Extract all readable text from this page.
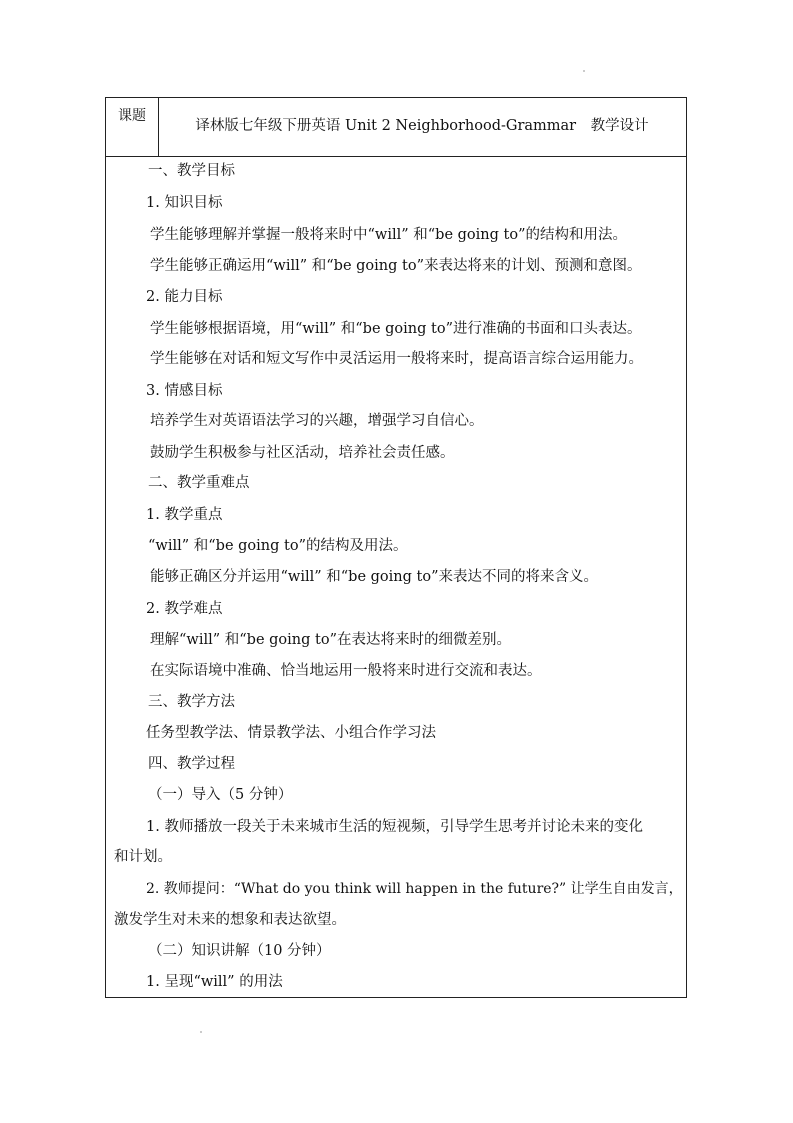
课题
译林版七年级下册英语 Unit 2 Neighborhood-Grammar　教学设计
一、教学目标
1. 知识目标
学生能够理解并掌握一般将来时中“will” 和“be going to”的结构和用法。
学生能够正确运用“will” 和“be going to”来表达将来的计划、预测和意图。
2. 能力目标
学生能够根据语境，用“will” 和“be going to”进行准确的书面和口头表达。
学生能够在对话和短文写作中灵活运用一般将来时，提高语言综合运用能力。
3. 情感目标
培养学生对英语语法学习的兴趣，增强学习自信心。
鼓励学生积极参与社区活动，培养社会责任感。
二、教学重难点
1. 教学重点
“will” 和“be going to”的结构及用法。
能够正确区分并运用“will” 和“be going to”来表达不同的将来含义。
2. 教学难点
理解“will” 和“be going to”在表达将来时的细微差别。
在实际语境中准确、恰当地运用一般将来时进行交流和表达。
三、教学方法
任务型教学法、情景教学法、小组合作学习法
四、教学过程
（一）导入（5 分钟）
1. 教师播放一段关于未来城市生活的短视频，引导学生思考并讨论未来的变化
和计划。
2. 教师提问：“What do you think will happen in the future?” 让学生自由发言，
激发学生对未来的想象和表达欲望。
（二）知识讲解（10 分钟）
1. 呈现“will” 的用法
